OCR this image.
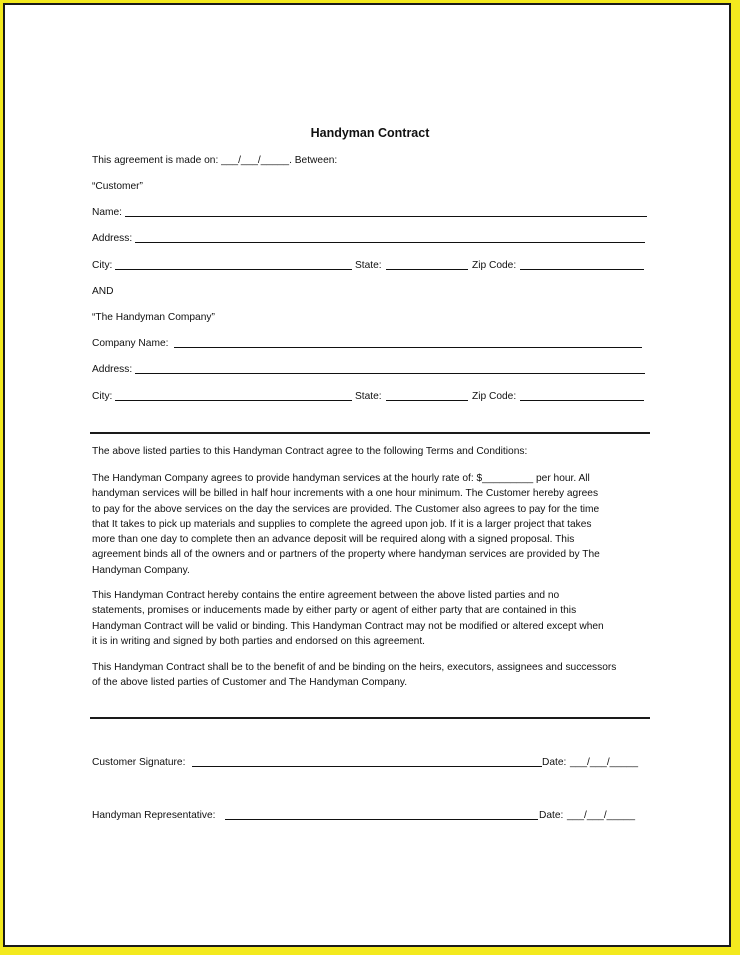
Handyman Contract
This agreement is made on: ___/___/_____. Between:
“Customer”
Name:
Address:
City:	State:	Zip Code:
AND
“The Handyman Company”
Company Name:
Address:
City:	State:	Zip Code:
The above listed parties to this Handyman Contract agree to the following Terms and Conditions:
The Handyman Company agrees to provide handyman services at the hourly rate of: $_________ per hour. All
handyman services will be billed in half hour increments with a one hour minimum. The Customer hereby agrees
to pay for the above services on the day the services are provided. The Customer also agrees to pay for the time
that It takes to pick up materials and supplies to complete the agreed upon job. If it is a larger project that takes
more than one day to complete then an advance deposit will be required along with a signed proposal. This
agreement binds all of the owners and or partners of the property where handyman services are provided by The
Handyman Company.
This Handyman Contract hereby contains the entire agreement between the above listed parties and no
statements, promises or inducements made by either party or agent of either party that are contained in this
Handyman Contract will be valid or binding. This Handyman Contract may not be modified or altered except when
it is in writing and signed by both parties and endorsed on this agreement.
This Handyman Contract shall be to the benefit of and be binding on the heirs, executors, assignees and successors
of the above listed parties of Customer and The Handyman Company.
Customer Signature:	Date: ___/___/_____
Handyman Representative:	Date: ___/___/_____
